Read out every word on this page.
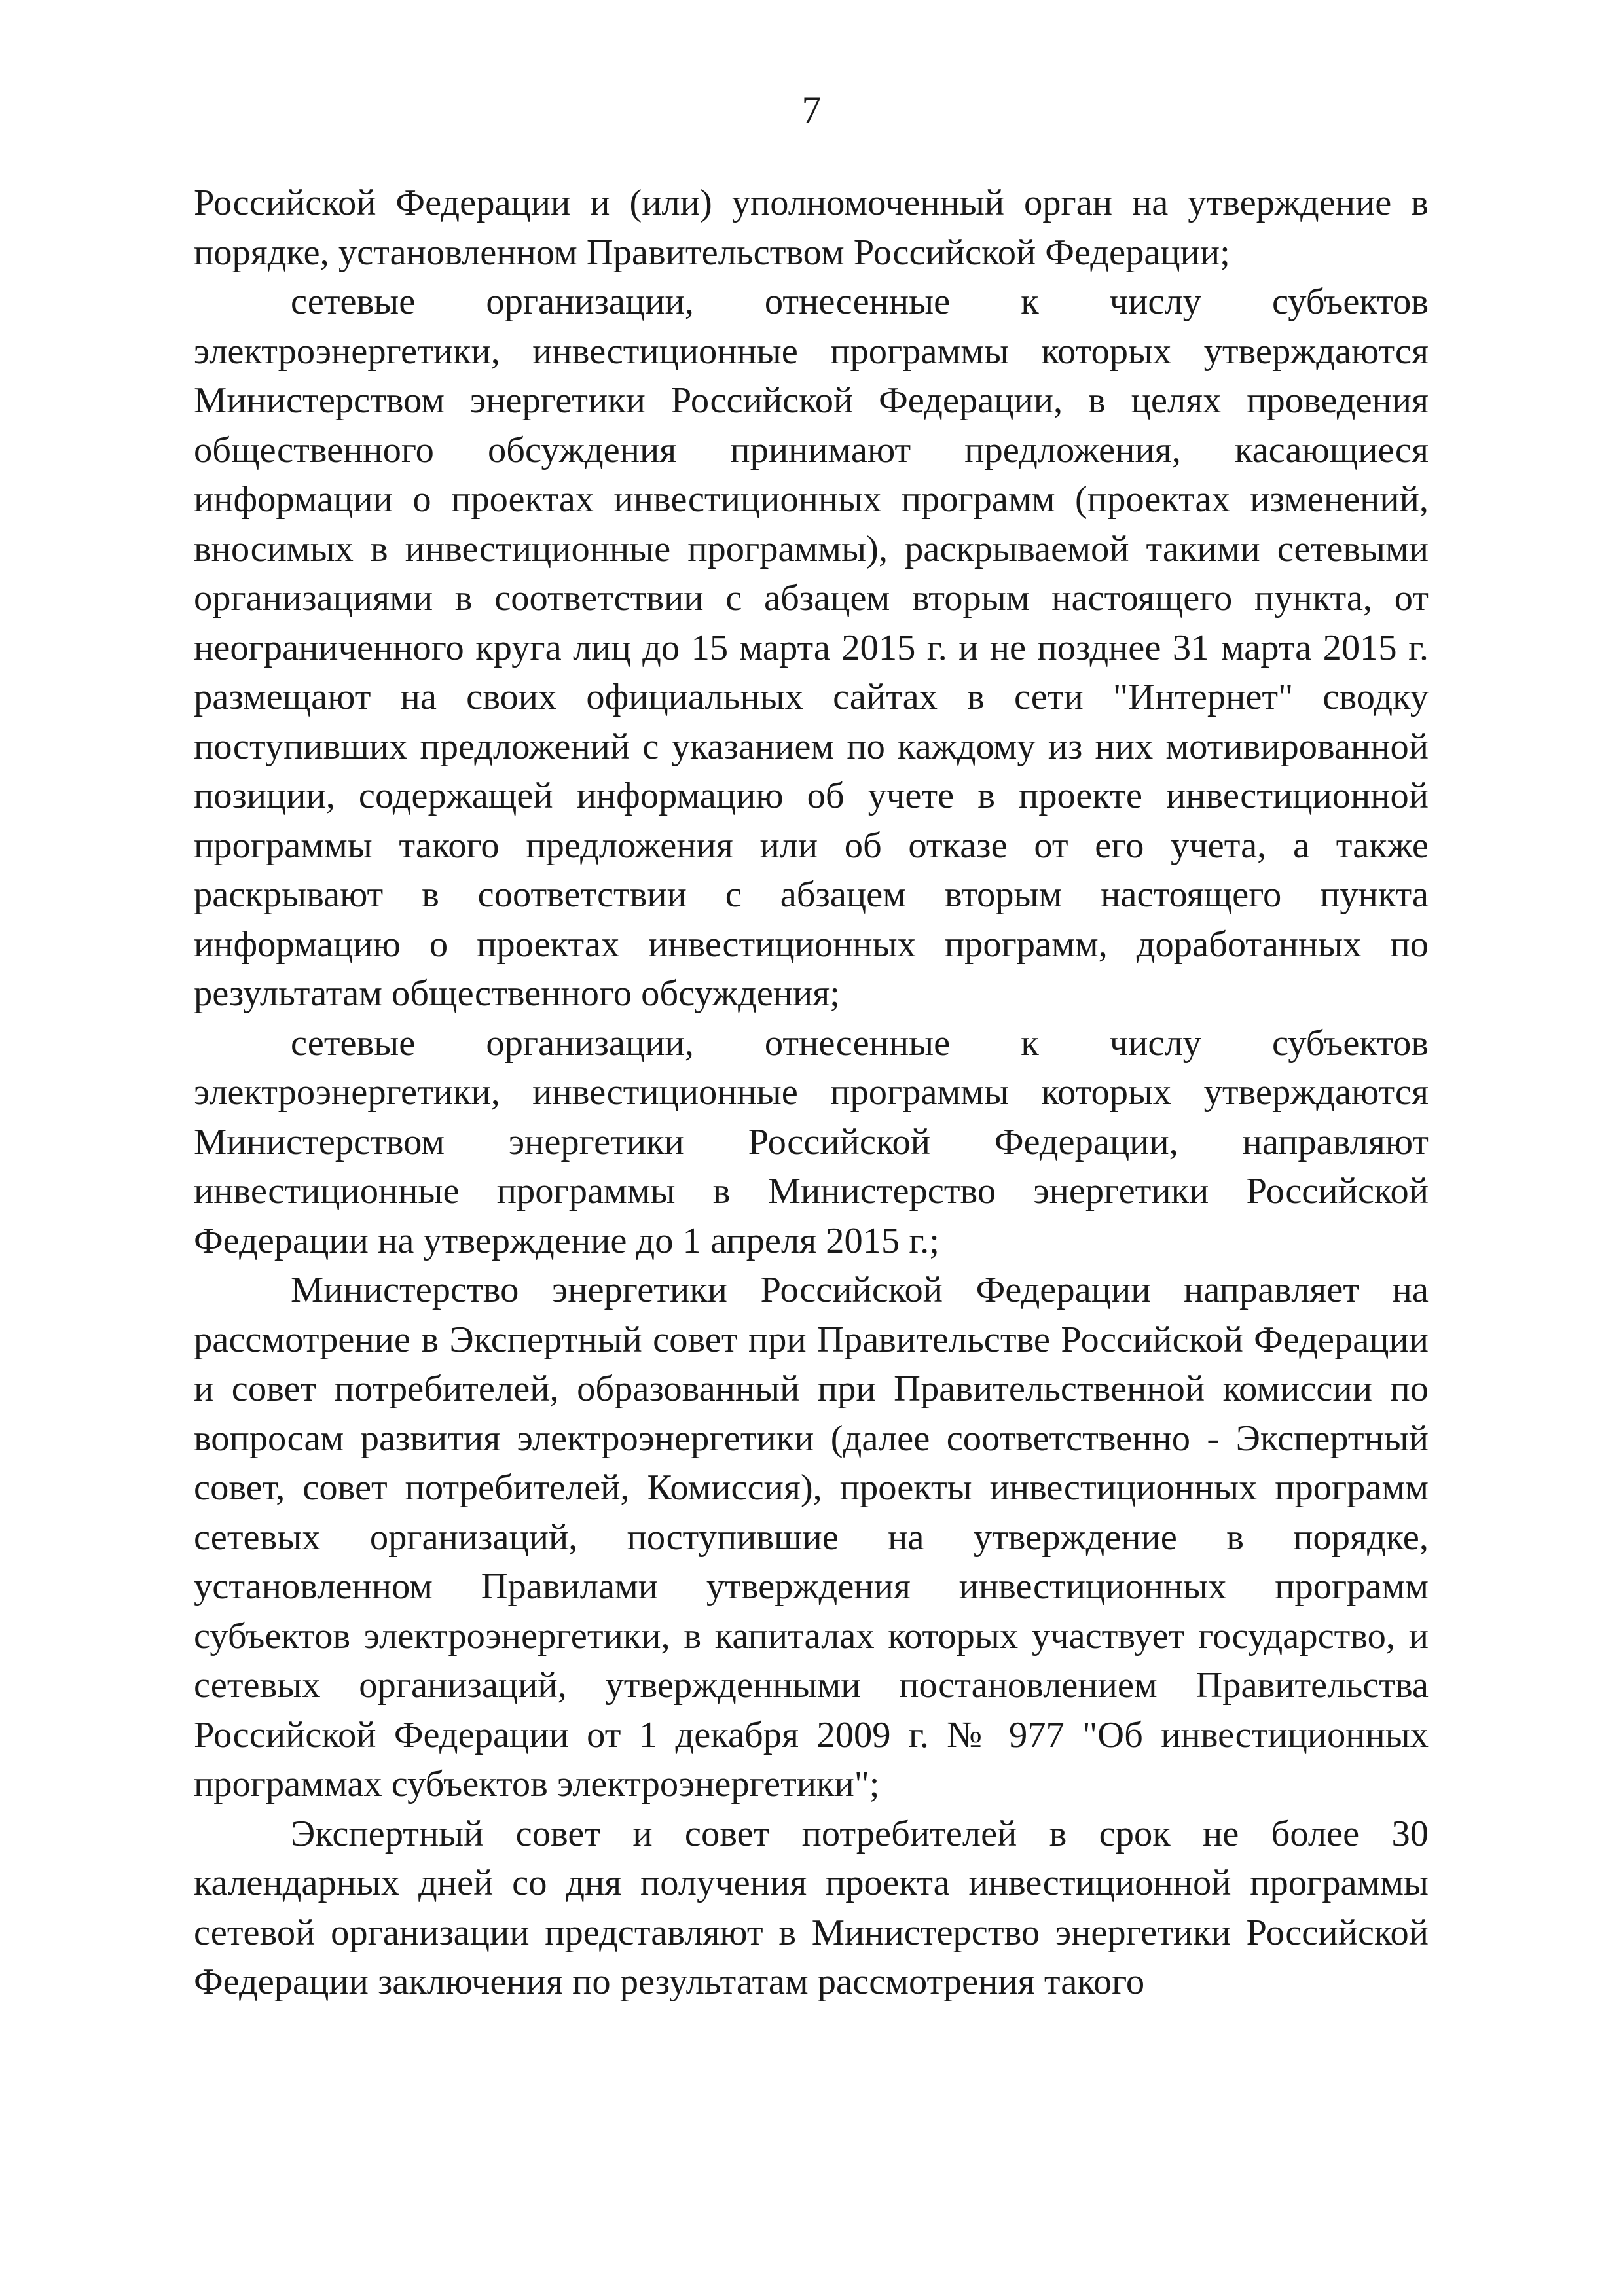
7

Российской Федерации и (или) уполномоченный орган на утверждение в порядке, установленном Правительством Российской Федерации;

сетевые организации, отнесенные к числу субъектов электроэнергетики, инвестиционные программы которых утверждаются Министерством энергетики Российской Федерации, в целях проведения общественного обсуждения принимают предложения, касающиеся информации о проектах инвестиционных программ (проектах изменений, вносимых в инвестиционные программы), раскрываемой такими сетевыми организациями в соответствии с абзацем вторым настоящего пункта, от неограниченного круга лиц до 15 марта 2015 г. и не позднее 31 марта 2015 г. размещают на своих официальных сайтах в сети "Интернет" сводку поступивших предложений с указанием по каждому из них мотивированной позиции, содержащей информацию об учете в проекте инвестиционной программы такого предложения или об отказе от его учета, а также раскрывают в соответствии с абзацем вторым настоящего пункта информацию о проектах инвестиционных программ, доработанных по результатам общественного обсуждения;

сетевые организации, отнесенные к числу субъектов электроэнергетики, инвестиционные программы которых утверждаются Министерством энергетики Российской Федерации, направляют инвестиционные программы в Министерство энергетики Российской Федерации на утверждение до 1 апреля 2015 г.;

Министерство энергетики Российской Федерации направляет на рассмотрение в Экспертный совет при Правительстве Российской Федерации и совет потребителей, образованный при Правительственной комиссии по вопросам развития электроэнергетики (далее соответственно - Экспертный совет, совет потребителей, Комиссия), проекты инвестиционных программ сетевых организаций, поступившие на утверждение в порядке, установленном Правилами утверждения инвестиционных программ субъектов электроэнергетики, в капиталах которых участвует государство, и сетевых организаций, утвержденными постановлением Правительства Российской Федерации от 1 декабря 2009 г. № 977 "Об инвестиционных программах субъектов электроэнергетики";

Экспертный совет и совет потребителей в срок не более 30 календарных дней со дня получения проекта инвестиционной программы сетевой организации представляют в Министерство энергетики Российской Федерации заключения по результатам рассмотрения такого
